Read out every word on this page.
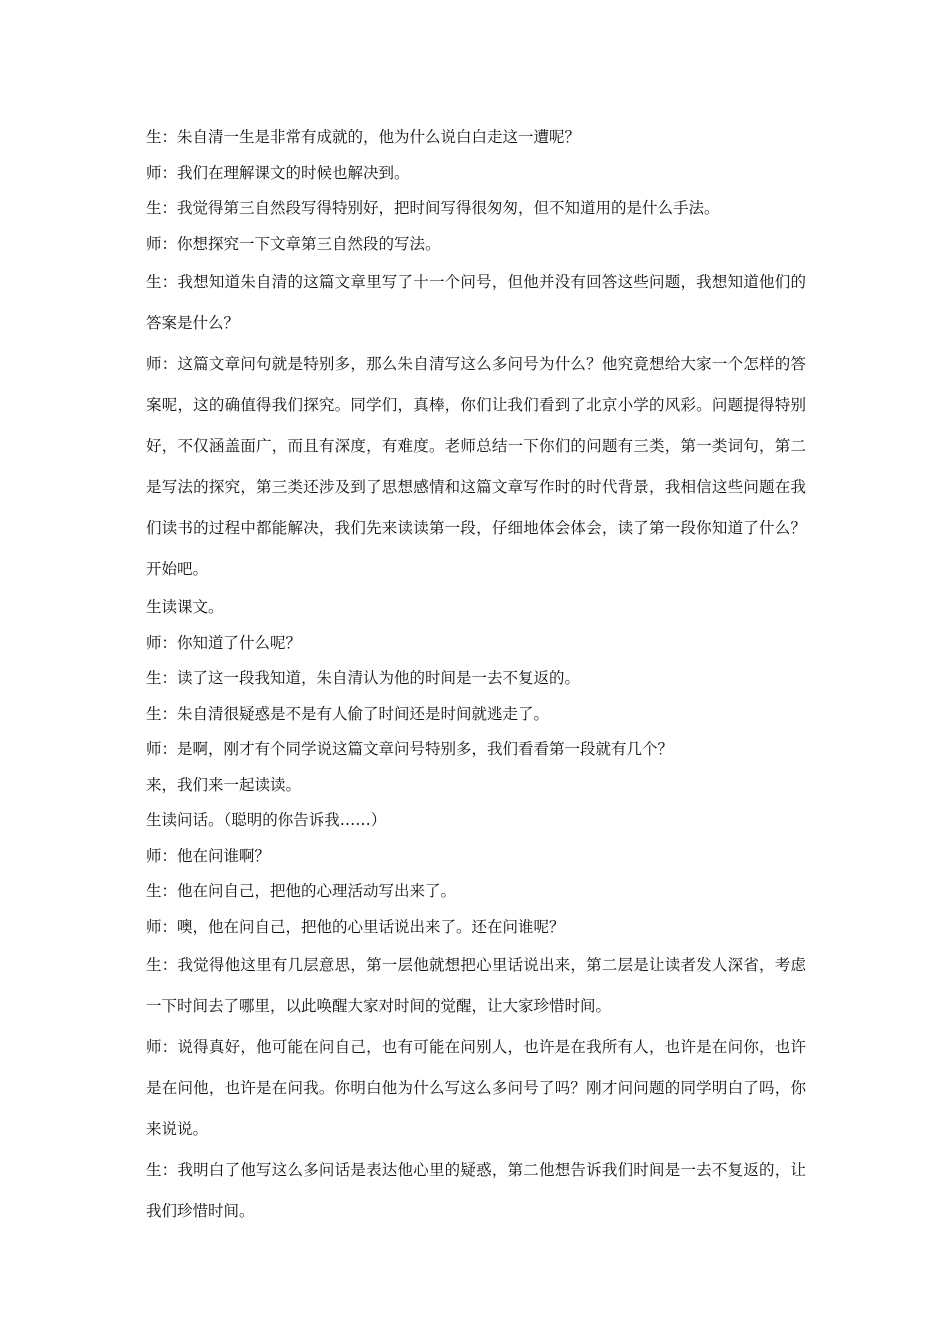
生：朱自清一生是非常有成就的，他为什么说白白走这一遭呢？

师：我们在理解课文的时候也解决到。

生：我觉得第三自然段写得特别好，把时间写得很匆匆，但不知道用的是什么手法。

师：你想探究一下文章第三自然段的写法。

生：我想知道朱自清的这篇文章里写了十一个问号，但他并没有回答这些问题，我想知道他们的答案是什么？

师：这篇文章问句就是特别多，那么朱自清写这么多问号为什么？他究竟想给大家一个怎样的答案呢，这的确值得我们探究。同学们，真棒，你们让我们看到了北京小学的风彩。问题提得特别好，不仅涵盖面广，而且有深度，有难度。老师总结一下你们的问题有三类，第一类词句，第二是写法的探究，第三类还涉及到了思想感情和这篇文章写作时的时代背景，我相信这些问题在我们读书的过程中都能解决，我们先来读读第一段，仔细地体会体会，读了第一段你知道了什么？开始吧。

生读课文。

师：你知道了什么呢？

生：读了这一段我知道，朱自清认为他的时间是一去不复返的。

生：朱自清很疑惑是不是有人偷了时间还是时间就逃走了。

师：是啊，刚才有个同学说这篇文章问号特别多，我们看看第一段就有几个？

来，我们来一起读读。

生读问话。（聪明的你告诉我……）

师：他在问谁啊？

生：他在问自己，把他的心理活动写出来了。

师：噢，他在问自己，把他的心里话说出来了。还在问谁呢？

生：我觉得他这里有几层意思，第一层他就想把心里话说出来，第二层是让读者发人深省，考虑一下时间去了哪里，以此唤醒大家对时间的觉醒，让大家珍惜时间。

师：说得真好，他可能在问自己，也有可能在问别人，也许是在我所有人，也许是在问你，也许是在问他，也许是在问我。你明白他为什么写这么多问号了吗？刚才问问题的同学明白了吗，你来说说。

生：我明白了他写这么多问话是表达他心里的疑惑，第二他想告诉我们时间是一去不复返的，让我们珍惜时间。
